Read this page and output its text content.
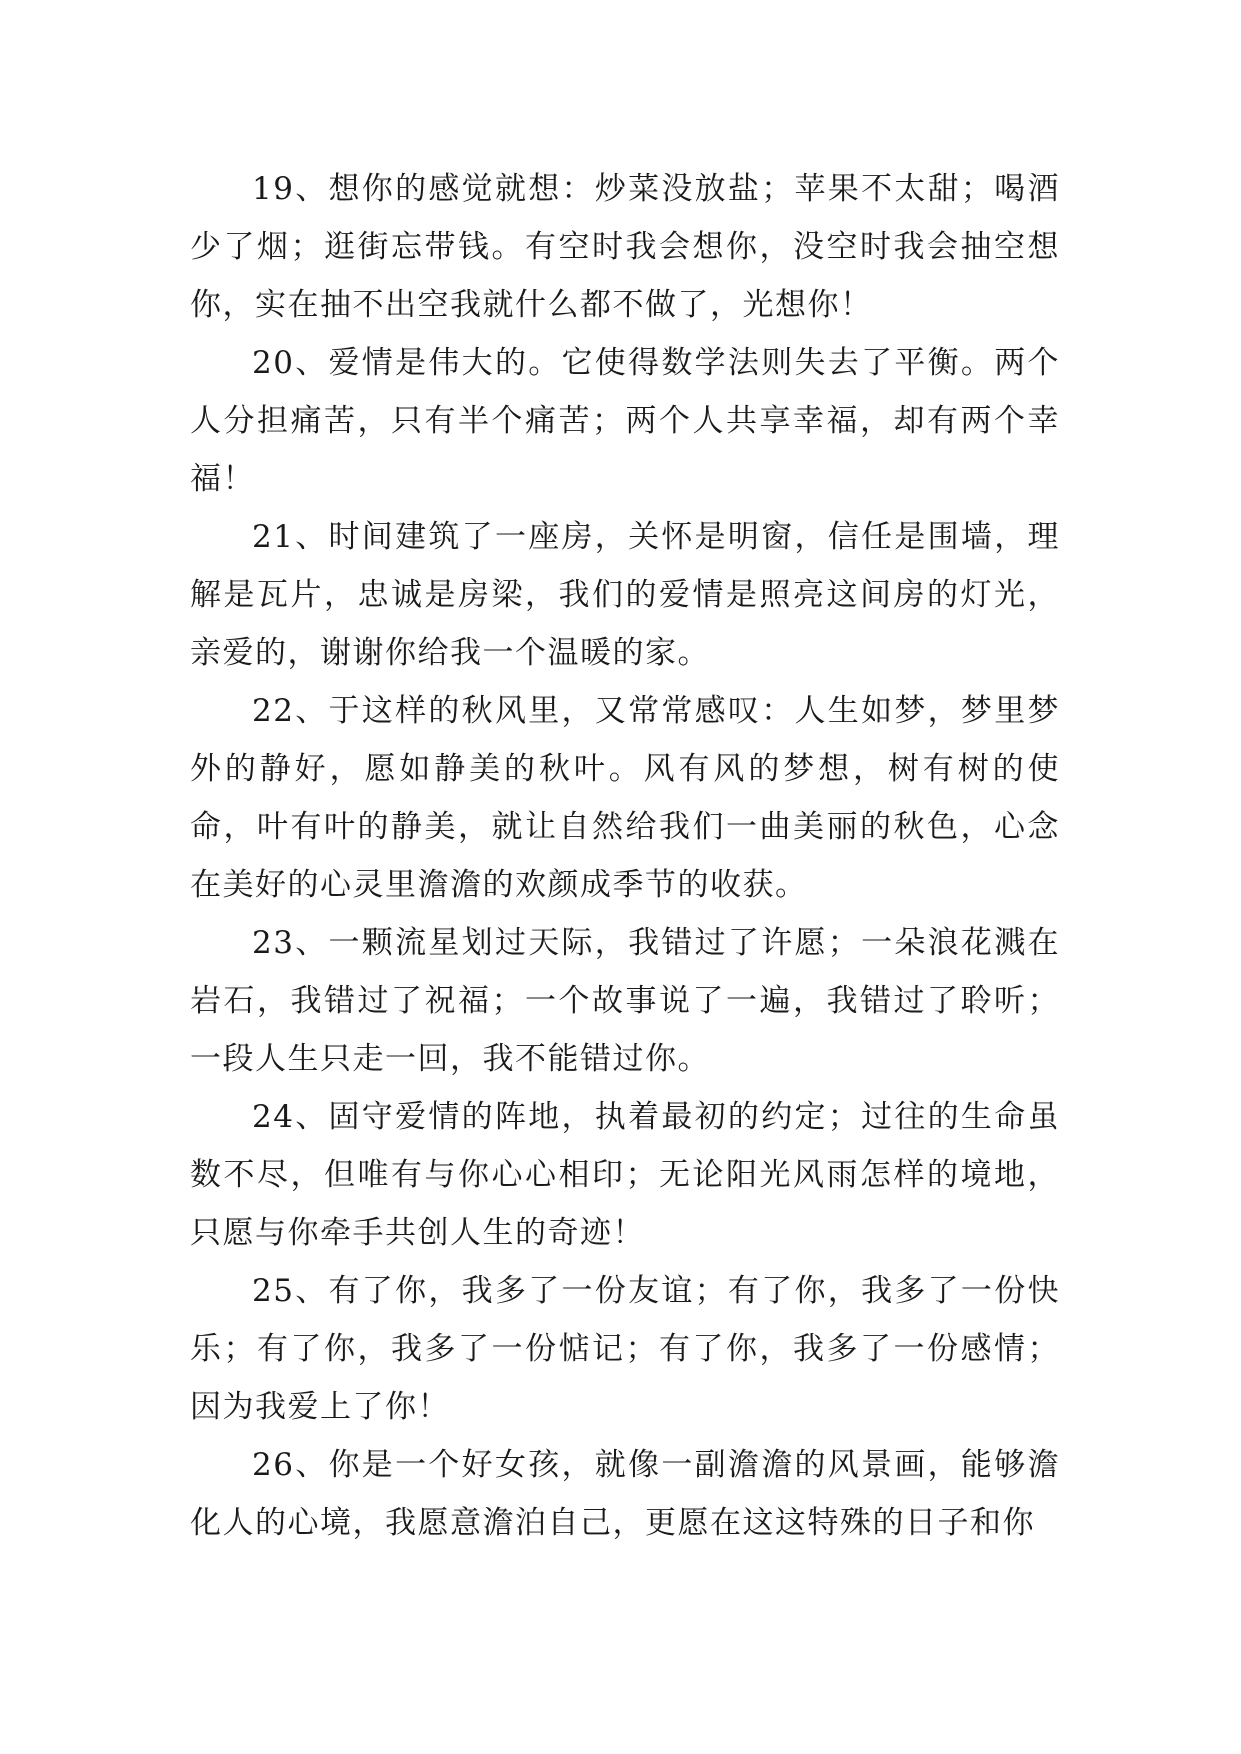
19、想你的感觉就想：炒菜没放盐；苹果不太甜；喝酒少了烟；逛街忘带钱。有空时我会想你，没空时我会抽空想你，实在抽不出空我就什么都不做了，光想你！

20、爱情是伟大的。它使得数学法则失去了平衡。两个人分担痛苦，只有半个痛苦；两个人共享幸福，却有两个幸福！

21、时间建筑了一座房，关怀是明窗，信任是围墙，理解是瓦片，忠诚是房梁，我们的爱情是照亮这间房的灯光，亲爱的，谢谢你给我一个温暖的家。

22、于这样的秋风里，又常常感叹：人生如梦，梦里梦外的静好，愿如静美的秋叶。风有风的梦想，树有树的使命，叶有叶的静美，就让自然给我们一曲美丽的秋色，心念在美好的心灵里澹澹的欢颜成季节的收获。

23、一颗流星划过天际，我错过了许愿；一朵浪花溅在岩石，我错过了祝福；一个故事说了一遍，我错过了聆听；一段人生只走一回，我不能错过你。

24、固守爱情的阵地，执着最初的约定；过往的生命虽数不尽，但唯有与你心心相印；无论阳光风雨怎样的境地，只愿与你牵手共创人生的奇迹！

25、有了你，我多了一份友谊；有了你，我多了一份快乐；有了你，我多了一份惦记；有了你，我多了一份感情；因为我爱上了你！

26、你是一个好女孩，就像一副澹澹的风景画，能够澹化人的心境，我愿意澹泊自己，更愿在这这特殊的日子和你
